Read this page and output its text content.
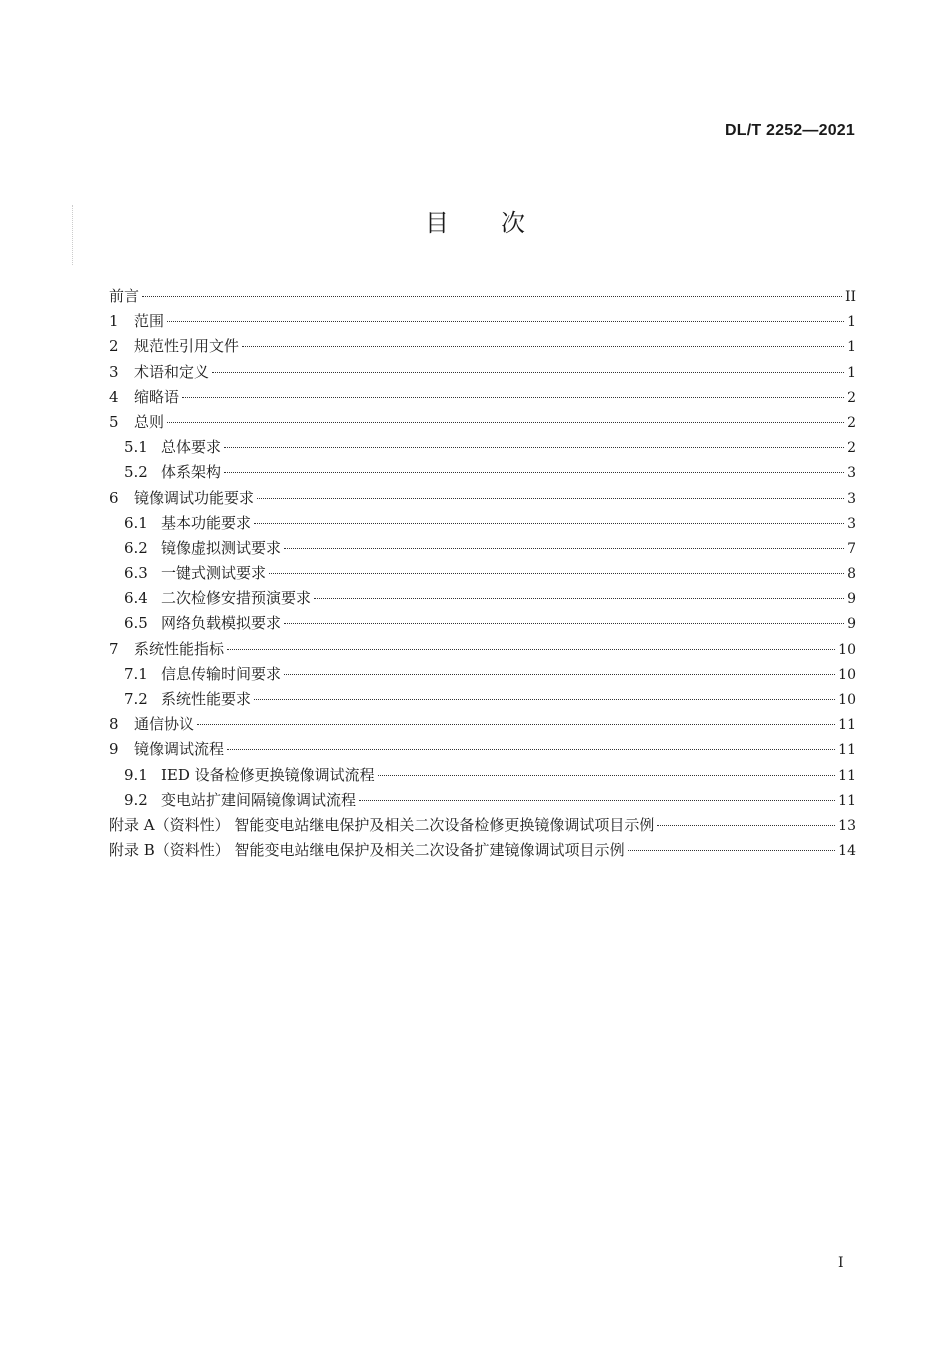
DL/T 2252—2021
目次
前言	II
1	范围	1
2	规范性引用文件	1
3	术语和定义	1
4	缩略语	2
5	总则	2
5.1 总体要求	2
5.2 体系架构	3
6	镜像调试功能要求	3
6.1 基本功能要求	3
6.2 镜像虚拟测试要求	7
6.3 一键式测试要求	8
6.4 二次检修安措预演要求	9
6.5 网络负载模拟要求	9
7	系统性能指标	10
7.1 信息传输时间要求	10
7.2 系统性能要求	10
8	通信协议	11
9	镜像调试流程	11
9.1 IED 设备检修更换镜像调试流程	11
9.2 变电站扩建间隔镜像调试流程	11
附录 A（资料性） 智能变电站继电保护及相关二次设备检修更换镜像调试项目示例	13
附录 B（资料性） 智能变电站继电保护及相关二次设备扩建镜像调试项目示例	14
I
